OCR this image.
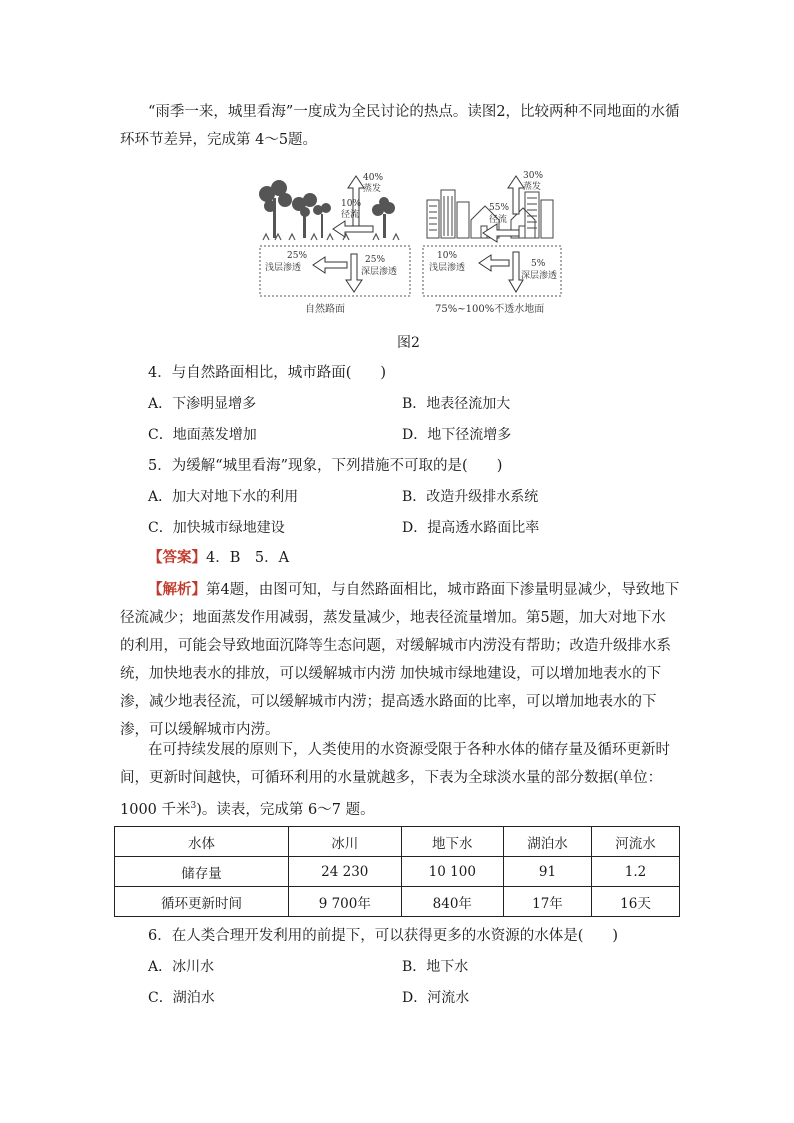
“雨季一来，城里看海”一度成为全民讨论的热点。读图2，比较两种不同地面的水循环环节差异，完成第 4～5题。
40%
蒸发
10%
径流
25%
浅层渗透
25%
深层渗透
自然路面
30%
蒸发
55%
径流
10%
浅层渗透	5%
深层渗透
75%~100%不透水地面
图2
4．与自然路面相比，城市路面(　　)
A．下渗明显增多	B．地表径流加大
C．地面蒸发增加	D．地下径流增多
5．为缓解“城里看海”现象，下列措施不可取的是(　　)
A．加大对地下水的利用	B．改造升级排水系统
C．加快城市绿地建设	D．提高透水路面比率
【答案】4．B　5．A
【解析】第4题，由图可知，与自然路面相比，城市路面下渗量明显减少，导致地下径流减少；地面蒸发作用减弱，蒸发量减少，地表径流量增加。第5题，加大对地下水的利用，可能会导致地面沉降等生态问题，对缓解城市内涝没有帮助；改造升级排水系统，加快地表水的排放，可以缓解城市内涝 加快城市绿地建设，可以增加地表水的下渗，减少地表径流，可以缓解城市内涝；提高透水路面的比率，可以增加地表水的下渗，可以缓解城市内涝。
在可持续发展的原则下，人类使用的水资源受限于各种水体的储存量及循环更新时间，更新时间越快，可循环利用的水量就越多，下表为全球淡水量的部分数据(单位：1000 千米$^3$)。读表，完成第 6～7 题。
水体	冰川	地下水	湖泊水	河流水
储存量	24 230	10 100	91	1.2
循环更新时间	9 700年	840年	17年	16天
6．在人类合理开发利用的前提下，可以获得更多的水资源的水体是(　　)
A．冰川水	B．地下水
C．湖泊水	D．河流水
